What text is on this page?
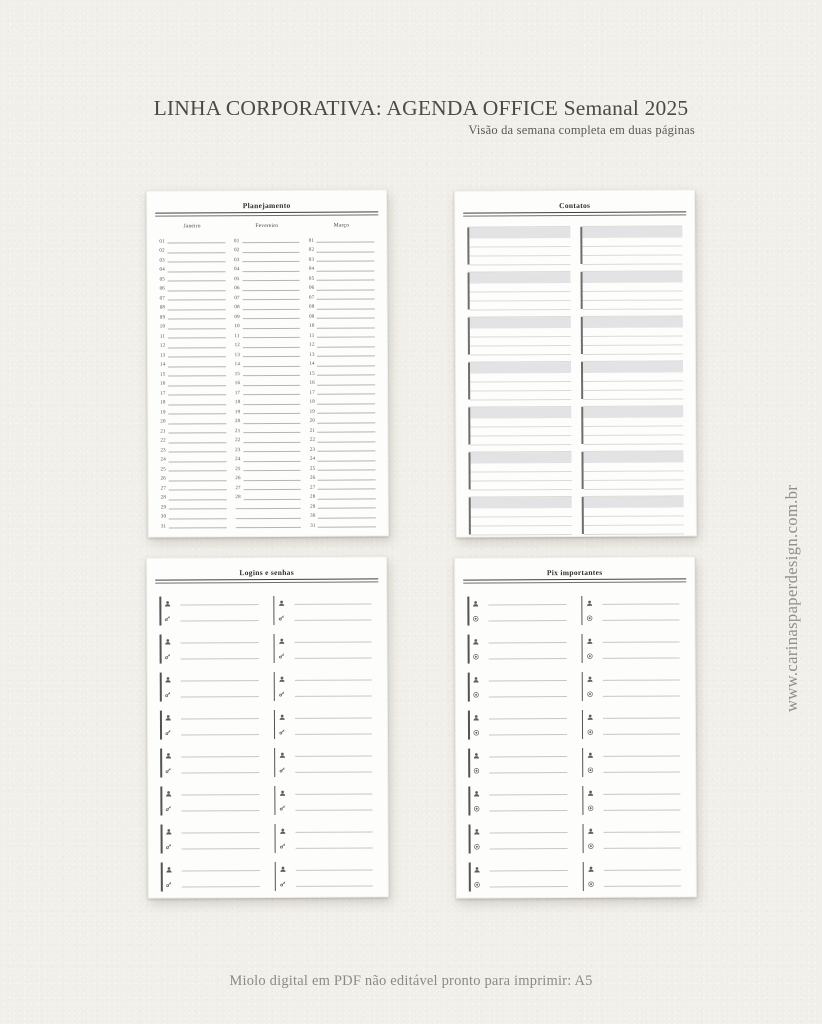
LINHA CORPORATIVA: AGENDA OFFICE Semanal 2025
Visão da semana completa em duas páginas
www.carinaspaperdesign.com.br
Planejamento
Janeiro
01
02
03
04
05
06
07
08
09
10
11
12
13
14
15
16
17
18
19
20
21
22
23
24
25
26
27
28
29
30
31
Fevereiro
01
02
03
04
05
06
07
08
09
10
11
12
13
14
15
16
17
18
19
20
21
22
23
24
25
26
27
28
Março
01
02
03
04
05
06
07
08
09
10
11
12
13
14
15
16
17
18
19
20
21
22
23
24
25
26
27
28
29
30
31
Contatos
Logins e senhas	Pix importantes
Miolo digital em PDF não editável pronto para imprimir: A5
